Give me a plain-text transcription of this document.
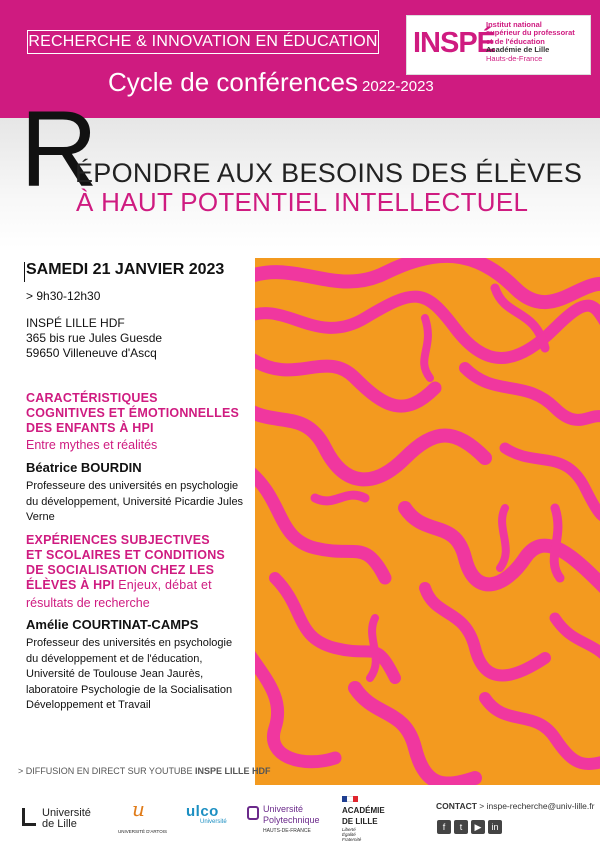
RECHERCHE & INNOVATION EN ÉDUCATION
Cycle de conférences 2022-2023
INSPÉ
Institut national
supérieur du professorat
et de l'éducation
Académie de Lille
Hauts-de-France
R
ÉPONDRE AUX BESOINS DES ÉLÈVES
À HAUT POTENTIEL INTELLECTUEL
SAMEDI 21 JANVIER 2023
> 9h30-12h30
INSPÉ LILLE HDF
365 bis rue Jules Guesde
59650 Villeneuve d'Ascq
CARACTÉRISTIQUES
COGNITIVES ET ÉMOTIONNELLES
DES ENFANTS À HPI
Entre mythes et réalités
Béatrice BOURDIN
Professeure des universités en psychologie
du développement, Université Picardie Jules
Verne
EXPÉRIENCES SUBJECTIVES
ET SCOLAIRES ET CONDITIONS
DE SOCIALISATION CHEZ LES
ÉLÈVES À HPI Enjeux, débat et
résultats de recherche
Amélie COURTINAT-CAMPS
Professeur des universités en psychologie
du développement et de l'éducation,
Université de Toulouse Jean Jaurès,
laboratoire Psychologie de la Socialisation
Développement et Travail
> DIFFUSION EN DIRECT SUR YOUTUBE INSPE LILLE HDF
Université
de Lille
u
UNIVERSITÉ D'ARTOIS
ulco
Université
Université
Polytechnique
HAUTS-DE-FRANCE
ACADÉMIE
DE LILLE
Liberté
Égalité
Fraternité
CONTACT > inspe-recherche@univ-lille.fr
f	t	▶	in
